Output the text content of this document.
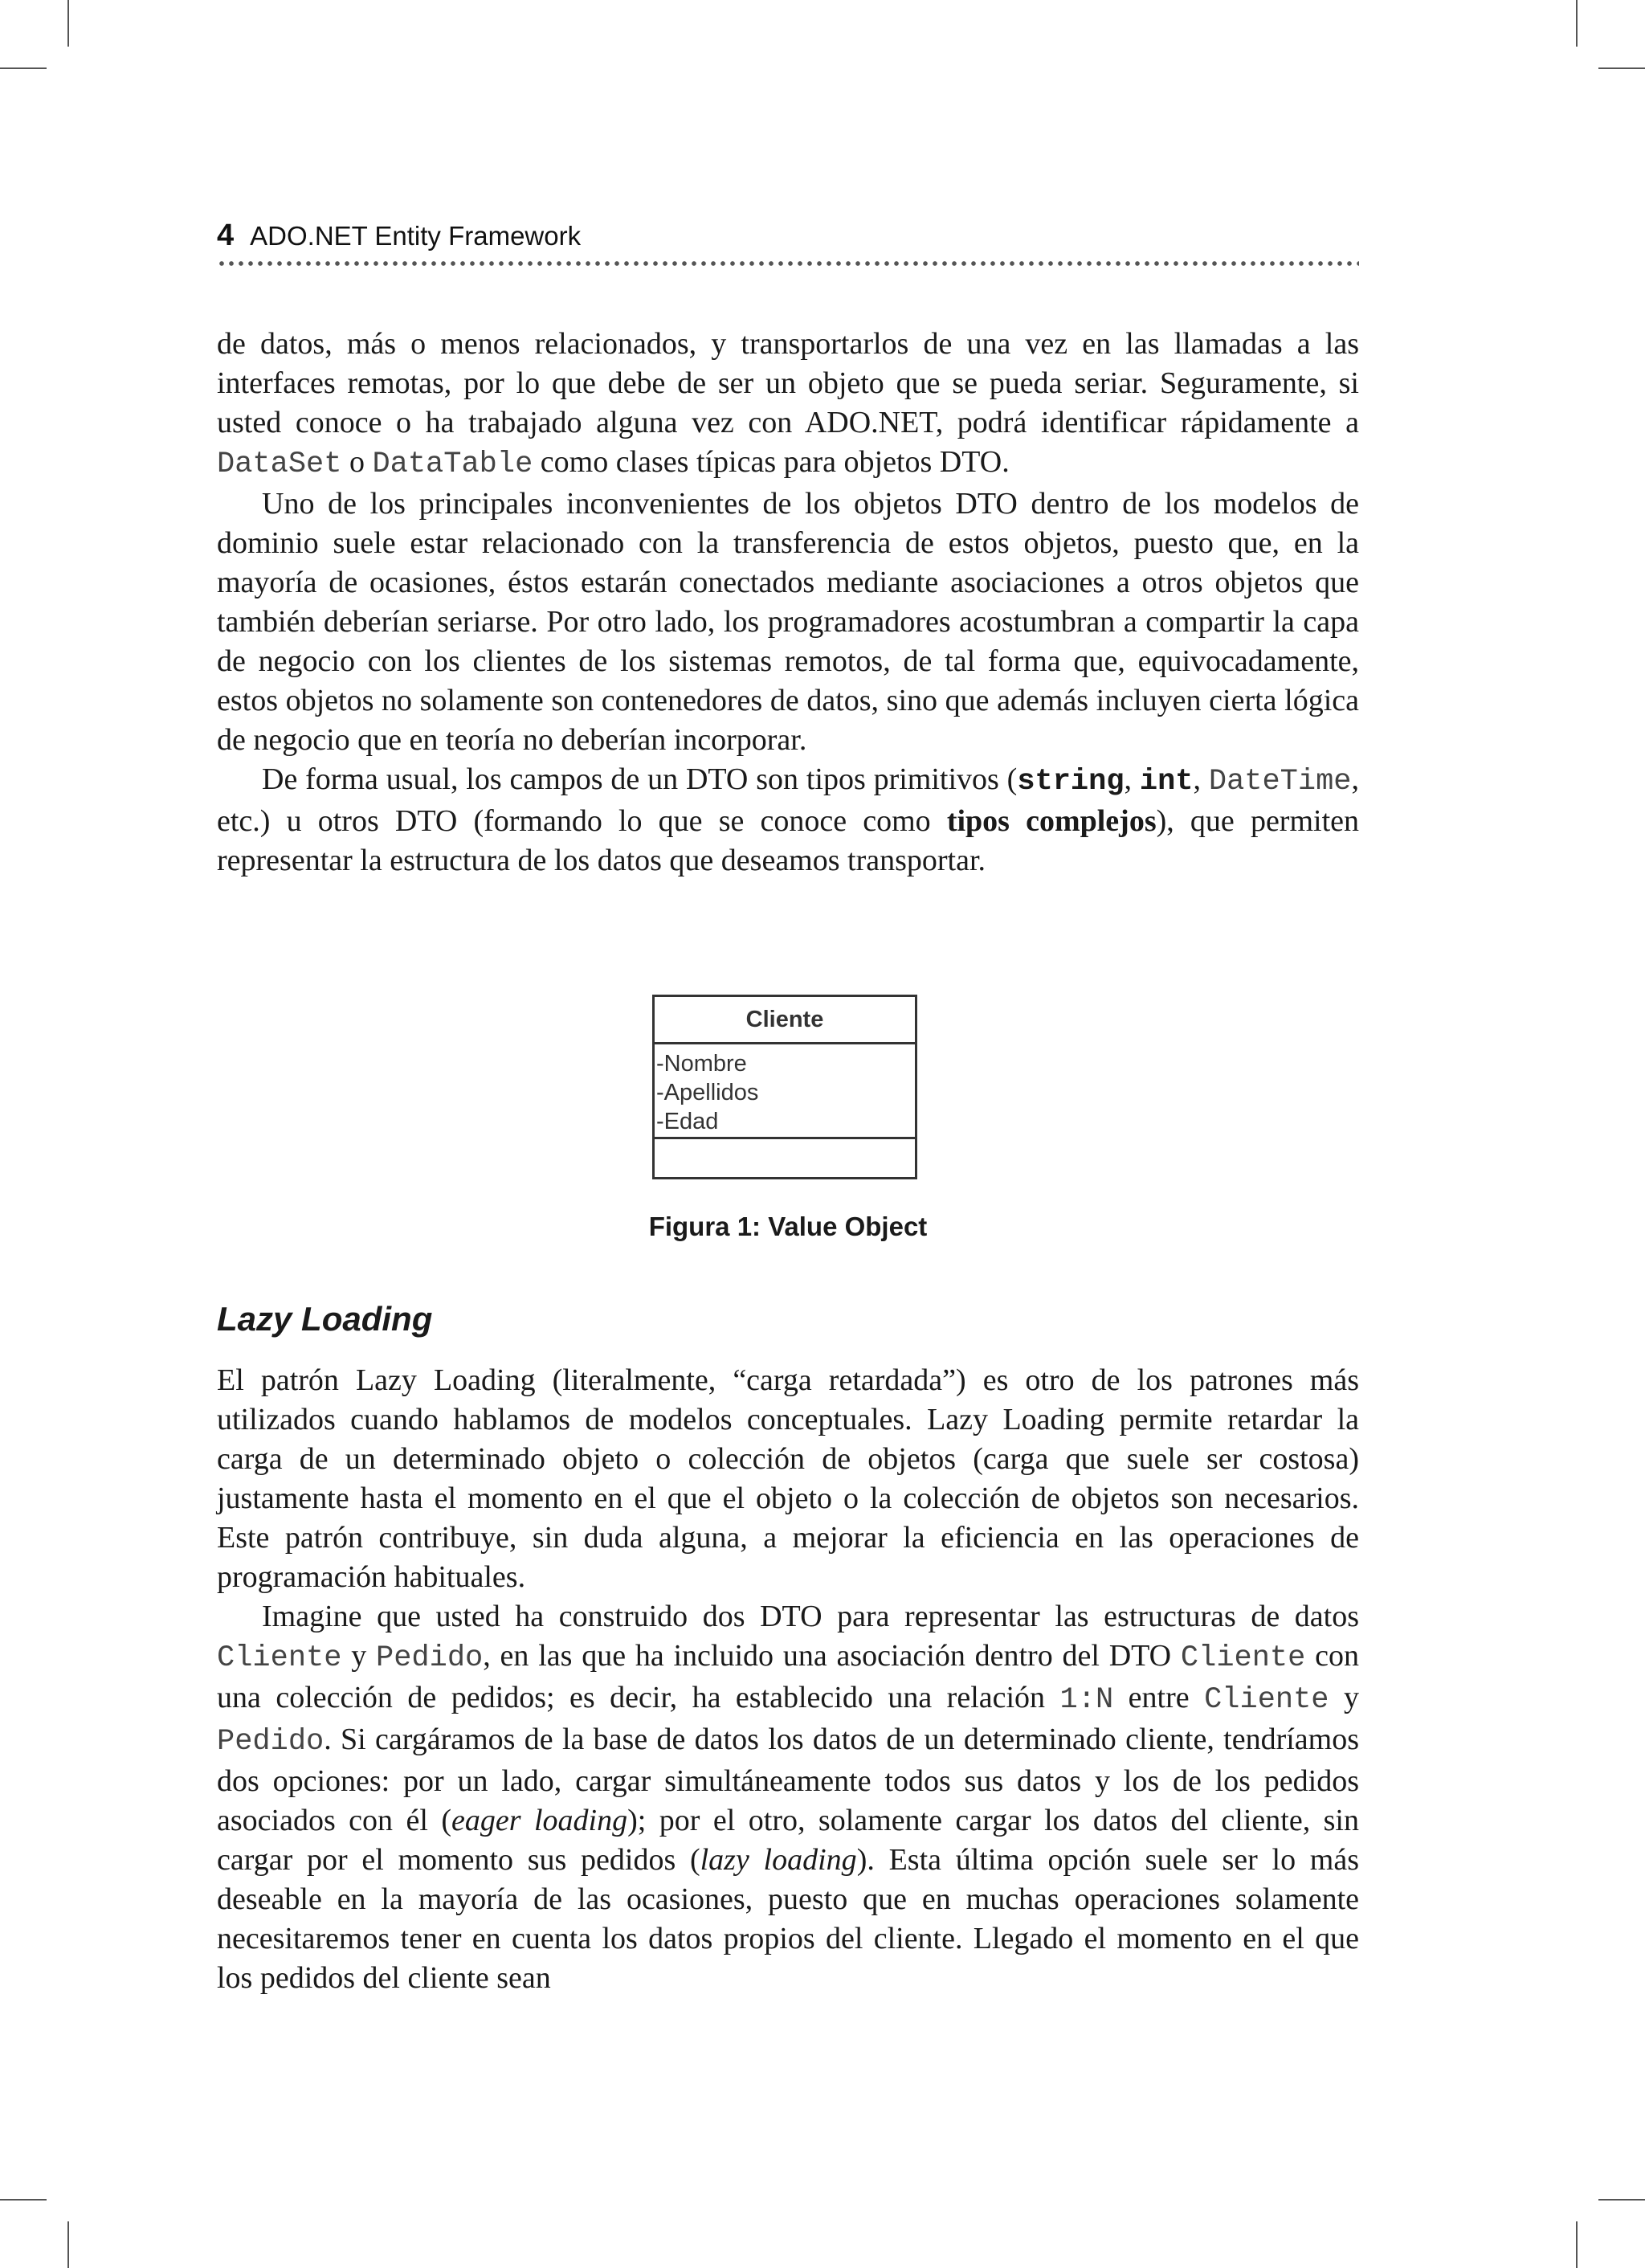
4 ADO.NET Entity Framework

de datos, más o menos relacionados, y transportarlos de una vez en las llamadas a las interfaces remotas, por lo que debe de ser un objeto que se pueda seriar. Seguramente, si usted conoce o ha trabajado alguna vez con ADO.NET, podrá identificar rápidamente a DataSet o DataTable como clases típicas para objetos DTO.

Uno de los principales inconvenientes de los objetos DTO dentro de los modelos de dominio suele estar relacionado con la transferencia de estos objetos, puesto que, en la mayoría de ocasiones, éstos estarán conectados mediante asociaciones a otros objetos que también deberían seriarse. Por otro lado, los programadores acostumbran a compartir la capa de negocio con los clientes de los sistemas remotos, de tal forma que, equivocadamente, estos objetos no solamente son contenedores de datos, sino que además incluyen cierta lógica de negocio que en teoría no deberían incorporar.

De forma usual, los campos de un DTO son tipos primitivos (string, int, DateTime, etc.) u otros DTO (formando lo que se conoce como tipos complejos), que permiten representar la estructura de los datos que deseamos transportar.

Cliente
-Nombre
-Apellidos
-Edad
Figura 1: Value Object
Lazy Loading

El patrón Lazy Loading (literalmente, “carga retardada”) es otro de los patrones más utilizados cuando hablamos de modelos conceptuales. Lazy Loading permite retardar la carga de un determinado objeto o colección de objetos (carga que suele ser costosa) justamente hasta el momento en el que el objeto o la colección de objetos son necesarios. Este patrón contribuye, sin duda alguna, a mejorar la eficiencia en las operaciones de programación habituales.

Imagine que usted ha construido dos DTO para representar las estructuras de datos Cliente y Pedido, en las que ha incluido una asociación dentro del DTO Cliente con una colección de pedidos; es decir, ha establecido una relación 1:N entre Cliente y Pedido. Si cargáramos de la base de datos los datos de un determinado cliente, tendríamos dos opciones: por un lado, cargar simultáneamente todos sus datos y los de los pedidos asociados con él (eager loading); por el otro, solamente cargar los datos del cliente, sin cargar por el momento sus pedidos (lazy loading). Esta última opción suele ser lo más deseable en la mayoría de las ocasiones, puesto que en muchas operaciones solamente necesitaremos tener en cuenta los datos propios del cliente. Llegado el momento en el que los pedidos del cliente sean
